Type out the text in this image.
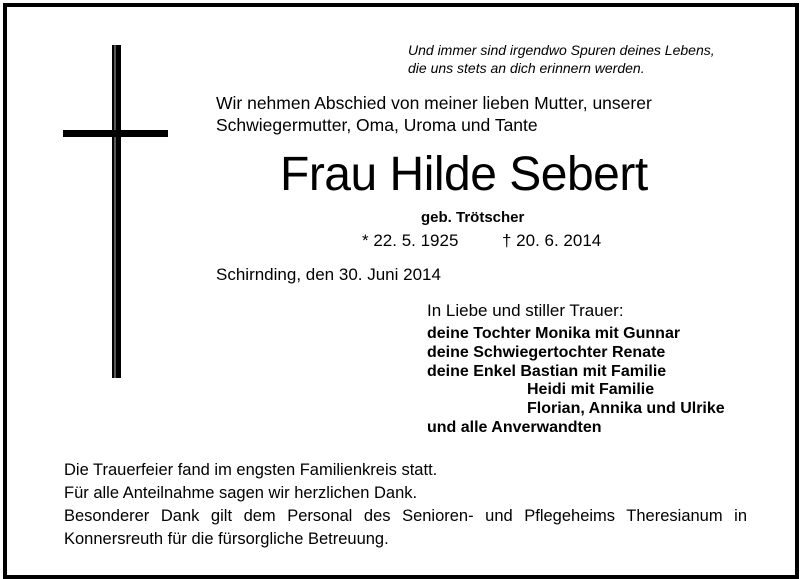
Und immer sind irgendwo Spuren deines Lebens,
die uns stets an dich erinnern werden.
Wir nehmen Abschied von meiner lieben Mutter, unserer
Schwiegermutter, Oma, Uroma und Tante
Frau Hilde Sebert
geb. Trötscher
* 22. 5. 1925	† 20. 6. 2014
Schirnding, den 30. Juni 2014
In Liebe und stiller Trauer:
deine Tochter Monika mit Gunnar
deine Schwiegertochter Renate
deine Enkel Bastian mit Familie
Heidi mit Familie
Florian, Annika und Ulrike
und alle Anverwandten
Die Trauerfeier fand im engsten Familienkreis statt.
Für alle Anteilnahme sagen wir herzlichen Dank.
Besonderer Dank gilt dem Personal des Senioren- und Pflegeheims Theresianum in Konnersreuth für die fürsorgliche Betreuung.
